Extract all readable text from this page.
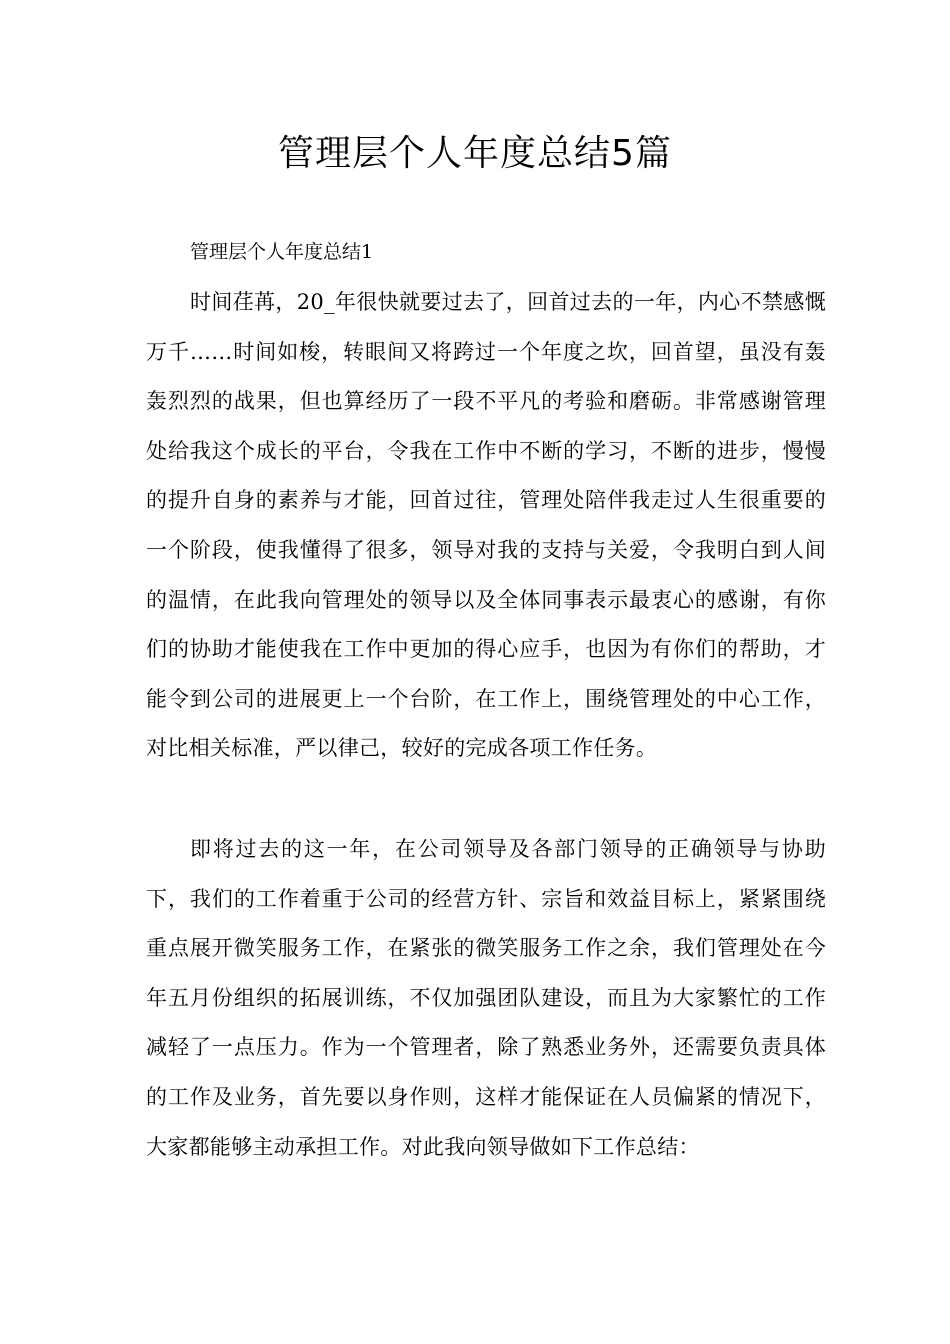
管理层个人年度总结5篇
管理层个人年度总结1

时间荏苒，20_年很快就要过去了，回首过去的一年，内心不禁感慨万千……时间如梭，转眼间又将跨过一个年度之坎，回首望，虽没有轰轰烈烈的战果，但也算经历了一段不平凡的考验和磨砺。非常感谢管理处给我这个成长的平台，令我在工作中不断的学习，不断的进步，慢慢的提升自身的素养与才能，回首过往，管理处陪伴我走过人生很重要的一个阶段，使我懂得了很多，领导对我的支持与关爱，令我明白到人间的温情，在此我向管理处的领导以及全体同事表示最衷心的感谢，有你们的协助才能使我在工作中更加的得心应手，也因为有你们的帮助，才能令到公司的进展更上一个台阶，在工作上，围绕管理处的中心工作，对比相关标准，严以律己，较好的完成各项工作任务。

即将过去的这一年，在公司领导及各部门领导的正确领导与协助下，我们的工作着重于公司的经营方针、宗旨和效益目标上，紧紧围绕重点展开微笑服务工作，在紧张的微笑服务工作之余，我们管理处在今年五月份组织的拓展训练，不仅加强团队建设，而且为大家繁忙的工作减轻了一点压力。作为一个管理者，除了熟悉业务外，还需要负责具体的工作及业务，首先要以身作则，这样才能保证在人员偏紧的情况下，大家都能够主动承担工作。对此我向领导做如下工作总结：
